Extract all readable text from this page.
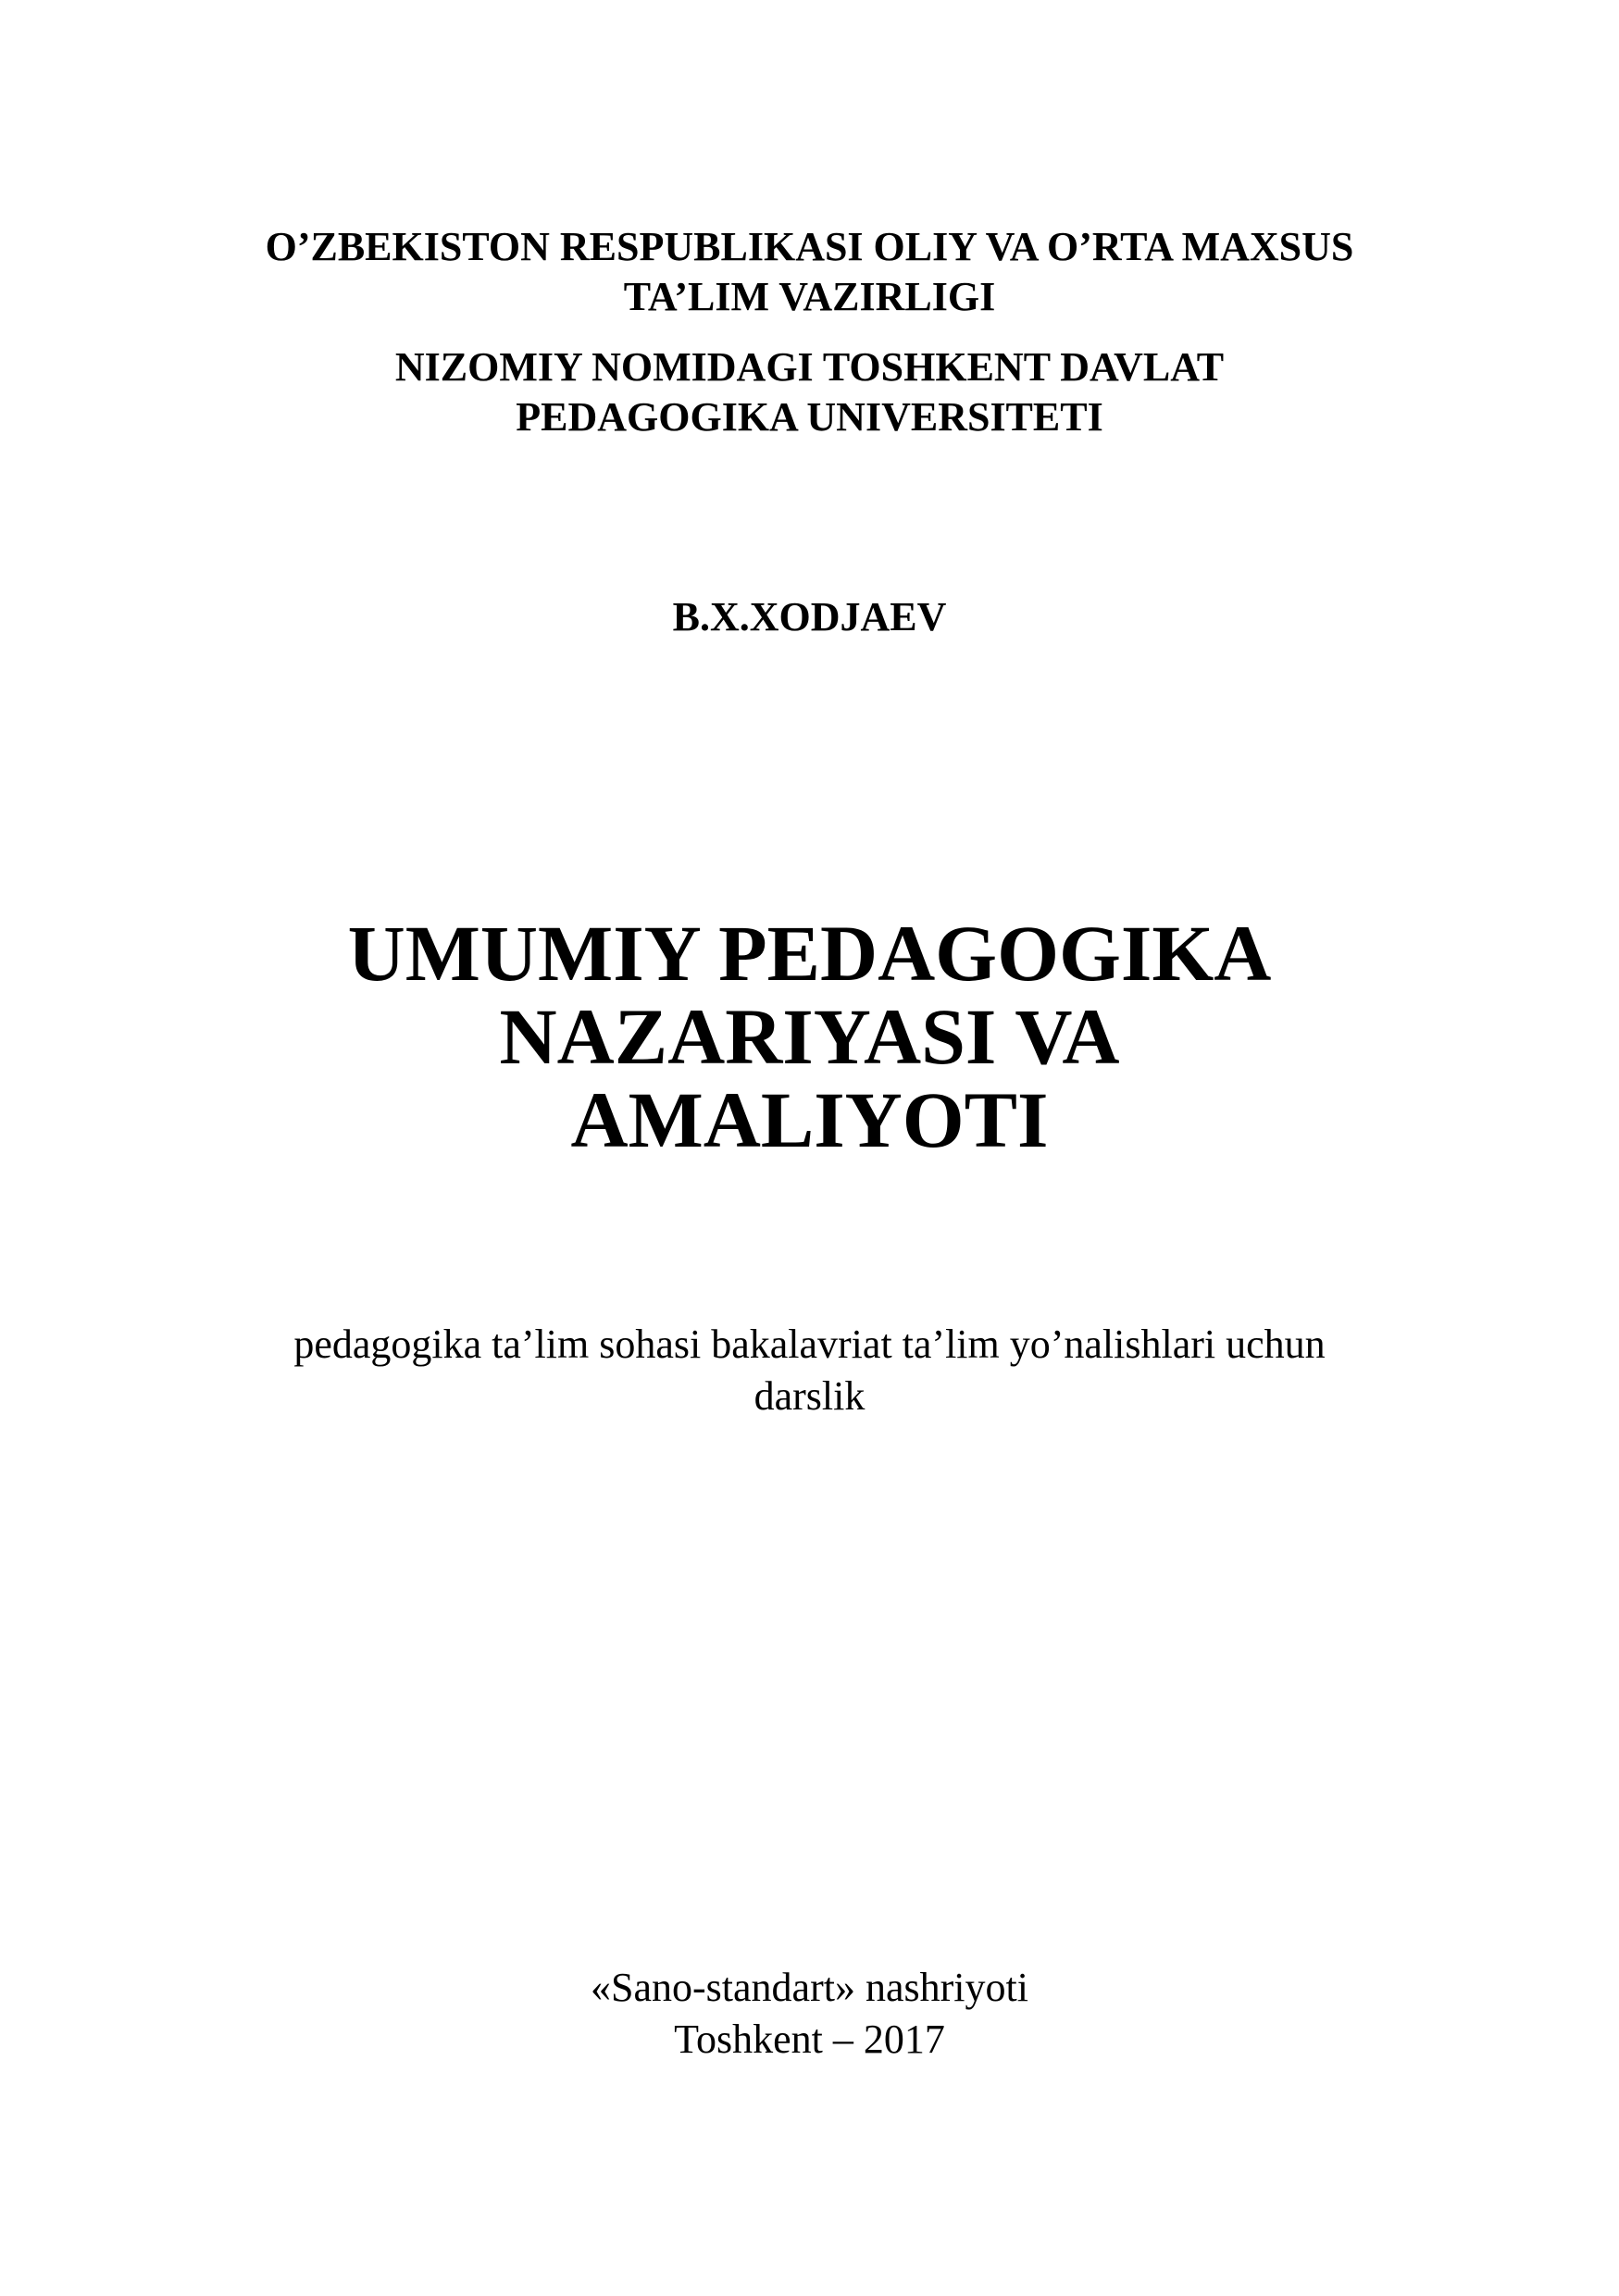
O’ZBEKISTON RESPUBLIKASI OLIY VA O’RTA MAXSUS
TA’LIM VAZIRLIGI
NIZOMIY NOMIDAGI TOSHKENT DAVLAT
PEDAGOGIKA UNIVERSITETI
B.X.XODJAEV
UMUMIY PEDAGOGIKA
NAZARIYASI VA
AMALIYOTI
pedagogika ta’lim sohasi bakalavriat ta’lim yo’nalishlari uchun
darslik
«Sano-standart» nashriyoti
Toshkent – 2017
